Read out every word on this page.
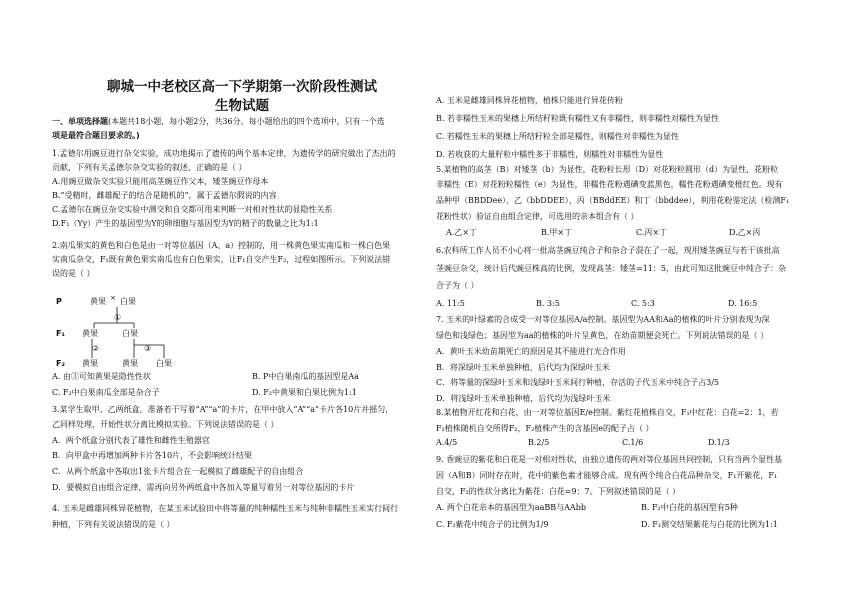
聊城一中老校区高一下学期第一次阶段性测试
生物试题
一、单项选择题(本题共18小题，每小题2分，共36分。每小题给出的四个选项中，只有一个选
项是最符合题目要求的。)
1.孟德尔用豌豆进行杂交实验，成功地揭示了遗传的两个基本定律，为遗传学的研究做出了杰出的
贡献，下列有关孟德尔杂交实验的叙述，正确的是（ ）
A.用豌豆做杂交实验只能用高茎豌豆作父本，矮茎豌豆作母本
B.“受精时，雌雄配子的结合是随机的”，属于孟德尔假说的内容
C.孟德尔在豌豆杂交实验中测交和自交都可用来判断一对相对性状的显隐性关系
D.F₁（Yy）产生的基因型为Y的卵细胞与基因型为Y的精子的数量之比为1:1
2.南瓜果实的黄色和白色是由一对等位基因（A、a）控制的，用一株黄色果实南瓜和一株白色果
实南瓜杂交，F₁既有黄色果实南瓜也有白色果实，让F₁自交产生F₂，过程如图所示。下列说法错
误的是（ ）
P	黄果 × 白果
F₁ 黄果	白果
F₂ 黄果	黄果 白果
①
②	③
A. 由③可知黄果是隐性性状	B. P中白果南瓜的基因型是Aa
C. F₂中白果南瓜全部是杂合子	D. F₂中黄果和白果比例为1:1
3.某学生取甲、乙两纸盒，准备若干写着“A”“a”的卡片，在甲中放入“A”“a”卡片各10片并摇匀，
乙同样处理，开始性状分离比模拟实验。下列说法错误的是（ ）
A．两个纸盒分别代表了雄性和雌性生殖器官
B．向甲盒中再增加两种卡片各10片，不会影响统计结果
C．从两个纸盒中各取出1张卡片组合在一起模拟了雌雄配子的自由组合
D．要模拟自由组合定律，需再向另外两纸盒中各加入等量写着另一对等位基因的卡片
4. 玉米是雌雄同株异花植物，在某玉米试验田中将等量的纯种糯性玉米与纯种非糯性玉米实行间行
种植，下列有关说法错误的是（ ）
A. 玉米是雌雄同株异花植物，植株只能进行异花传粉
B. 若非糯性玉米的果穗上所结籽粒既有糯性又有非糯性，则非糯性对糯性为显性
C. 若糯性玉米的果穗上所结籽粒全部是糯性，则糯性对非糯性为显性
D. 若收获的大量籽粒中糯性多于非糯性，则糯性对非糯性为显性
5.某植物的高茎（B）对矮茎（b）为显性，花粉粒长形（D）对花粉粒圆形（d）为显性，花粉粒
非糯性（E）对花粉粒糯性（e）为显性，非糯性花粉遇碘变蓝黑色，糯性花粉遇碘变橙红色。现有
品种甲（BBDDee）、乙（bbDDEE）、丙（BBddEE）和丁（bbddee），利用花粉鉴定法（检测F₁
花粉性状）验证自由组合定律，可选用的亲本组合有（ ）
A.乙×丁	B.甲×丁	C.丙×丁	D.乙×丙
6.农科所工作人员不小心将一批高茎豌豆纯合子和杂合子混在了一起，现用矮茎豌豆与若干该批高
茎豌豆杂交，统计后代豌豆株高的比例，发现高茎：矮茎=11：5，由此可知这批豌豆中纯合子：杂
合子为（ ）
A. 11:5	B. 3:5	C. 5:3	D. 16:5
7. 玉米的叶绿素的合成受一对等位基因A/a控制。基因型为AA和Aa的植株的叶片分别表现为深
绿色和浅绿色；基因型为aa的植株的叶片呈黄色，在幼苗期便会死亡。下列说法错误的是（ ）
A．黄叶玉米幼苗期死亡的原因是其不能进行光合作用
B．将深绿叶玉米单独种植，后代均为深绿叶玉米
C．将等量的深绿叶玉米和浅绿叶玉米间行种植，存活的子代玉米中纯合子占3/5
D．将浅绿叶玉米单独种植，后代均为浅绿叶玉米
8.某植物开红花和白花，由一对等位基因E/e控制。紫红花植株自交，F₁中红花：白花=2：1，若
F₁植株随机自交所得F₂，F₂植株产生的含基因e的配子占（ ）
A.4/5	B.2/5	C.1/6	D.1/3
9. 香豌豆的紫花和白花是一对相对性状，由独立遗传的两对等位基因共同控制，只有当两个显性基
因（A和B）同时存在时，花中的紫色素才能够合成。现有两个纯合白花品种杂交，F₁开紫花，F₁
自交，F₂的性状分离比为紫花：白花=9：7。下列叙述错误的是（ ）
A. 两个白花亲本的基因型为aaBB与AAbb	B. F₂中白花的基因型有5种
C. F₂紫花中纯合子的比例为1/9	D. F₁测交结果紫花与白花的比例为1:1
